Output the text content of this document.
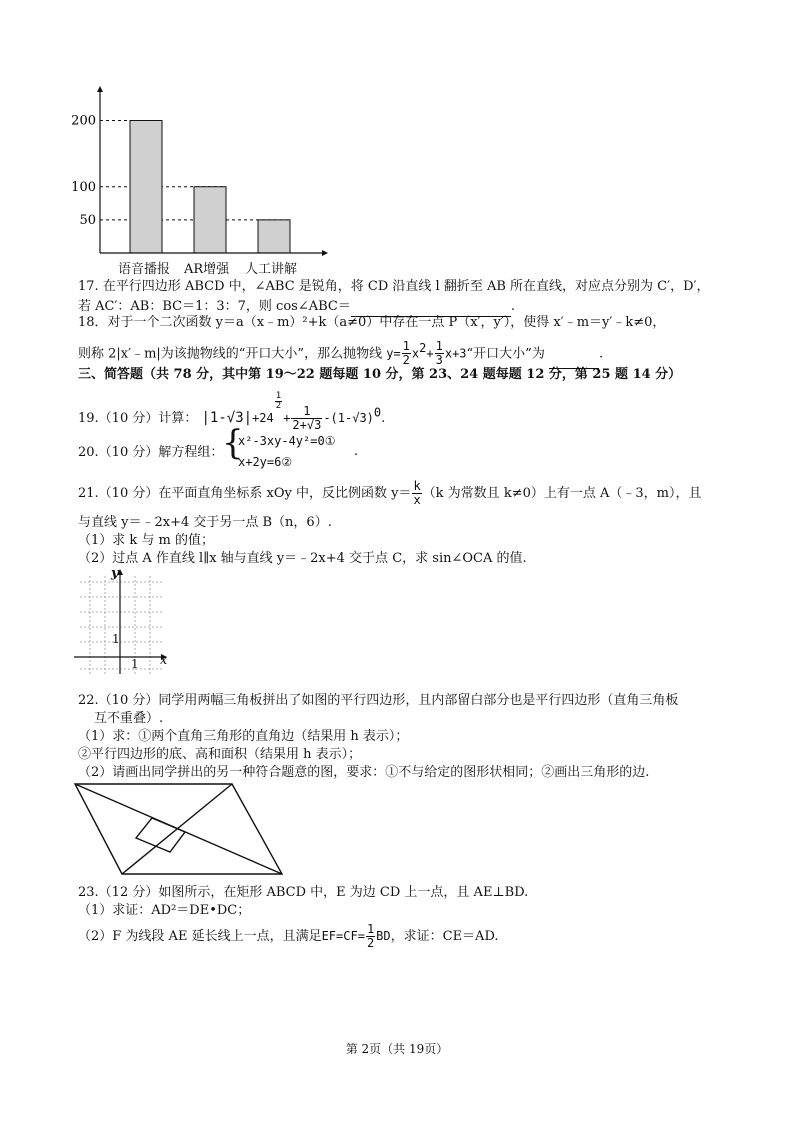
200
100
50
语音播报 AR增强 人工讲解
17. 在平行四边形 ABCD 中，∠ABC 是锐角，将 CD 沿直线 l 翻折至 AB 所在直线，对应点分别为 C′，D′，
若 AC′：AB：BC＝1：3：7，则 cos∠ABC＝	.
18．对于一个二次函数 y＝a（x﹣m）²+k（a≠0）中存在一点 P（x′，y′），使得 x′﹣m＝y′﹣k≠0，
则称 2|x′﹣m|为该抛物线的“开口大小”，那么抛物线 $y= \frac{1}{2} x2+ \frac{1}{3}$ x+3“开口大小”为	.
三、简答题（共 78 分，其中第 19～22 题每题 10 分，第 23、24 题每题 12 分，第 25 题 14 分）
19.（10 分）计算： |1-√3|+24
$\frac{1}{2}$
+ $\frac{1}{2+√3} -(1-√3)0$.
20.（10 分）解方程组：
{
x²-3xy-4y²=0①
x+2y=6②
.
21.（10 分）在平面直角坐标系 xOy 中，反比例函数 $y= \frac{k}{x} (k$ 为常数且 k≠0）上有一点 A（﹣3，m），且
与直线 y＝﹣2x+4 交于另一点 B（n，6）.
（1）求 k 与 m 的值；
（2）过点 A 作直线 l∥x 轴与直线 y＝﹣2x+4 交于点 C，求 sin∠OCA 的值.
y
x
1
1
22.（10 分）同学用两幅三角板拼出了如图的平行四边形，且内部留白部分也是平行四边形（直角三角板
互不重叠）.
（1）求：①两个直角三角形的直角边（结果用 h 表示）；
②平行四边形的底、高和面积（结果用 h 表示）；
（2）请画出同学拼出的另一种符合题意的图，要求：①不与给定的图形状相同；②画出三角形的边.
23.（12 分）如图所示，在矩形 ABCD 中，E 为边 CD 上一点，且 AE⊥BD.
（1）求证：AD²＝DE•DC；
（2）F 为线段 AE 延长线上一点，且满足$EF=CF= \frac{1}{2}$ BD，求证：CE＝AD.
第 2页（共 19页）
